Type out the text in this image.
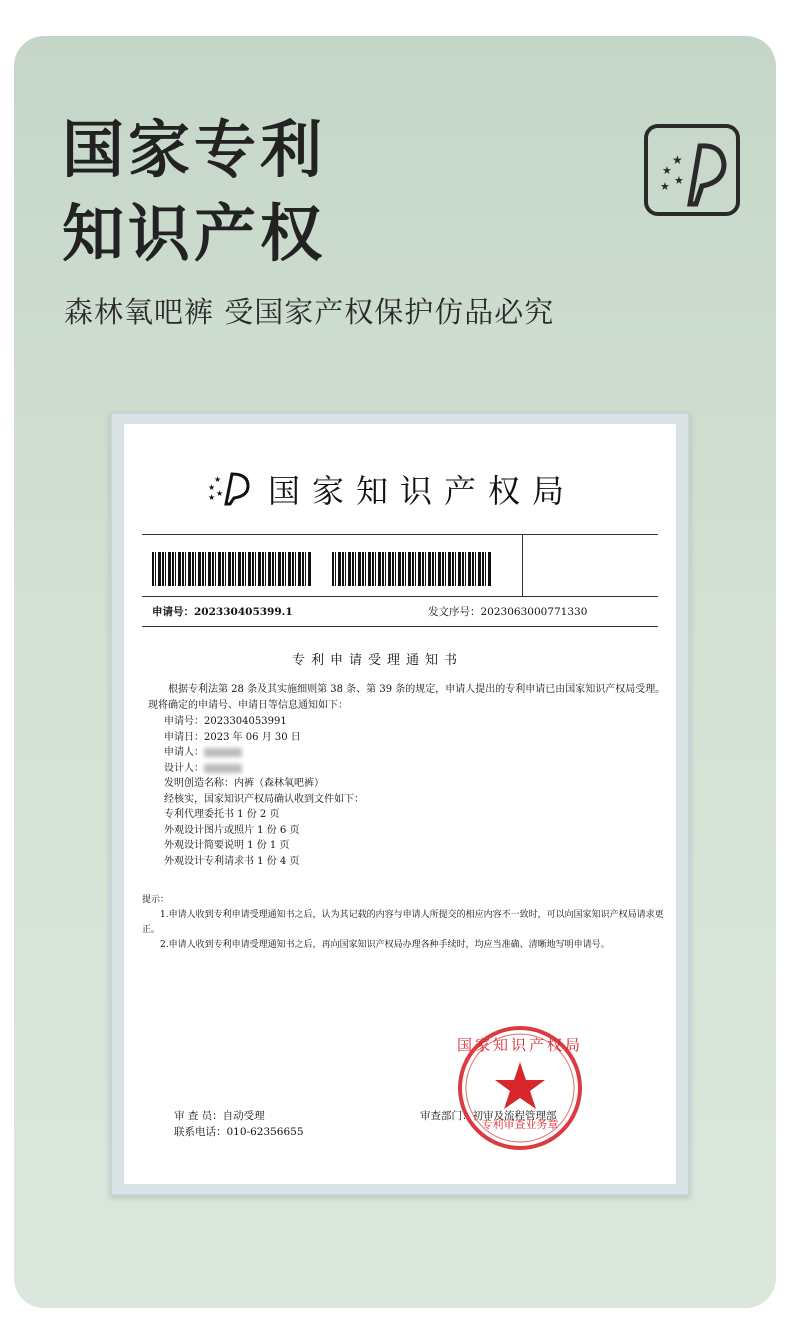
国家专利
知识产权
森林氧吧裤 受国家产权保护仿品必究
★
★
★ ★
★
★
★ ★ 国家知识产权局
申请号：202330405399.1	发文序号：2023063000771330
专利申请受理通知书
根据专利法第 28 条及其实施细则第 38 条、第 39 条的规定，申请人提出的专利申请已由国家知识产权局受理。现将确定的申请号、申请日等信息通知如下：
申请号：2023304053991
申请日：2023 年 06 月 30 日
申请人：
设计人：
发明创造名称：内裤（森林氧吧裤）
经核实，国家知识产权局确认收到文件如下：
专利代理委托书 1 份 2 页
外观设计图片或照片 1 份 6 页
外观设计简要说明 1 份 1 页
外观设计专利请求书 1 份 4 页
提示：
1.申请人收到专利申请受理通知书之后，认为其记载的内容与申请人所提交的相应内容不一致时，可以向国家知识产权局请求更正。
2.申请人收到专利申请受理通知书之后，再向国家知识产权局办理各种手续时，均应当准确、清晰地写明申请号。
审 查 员：自动受理
联系电话：010-62356655
审查部门：初审及流程管理部
国家知识产权局
专利审查业务章
